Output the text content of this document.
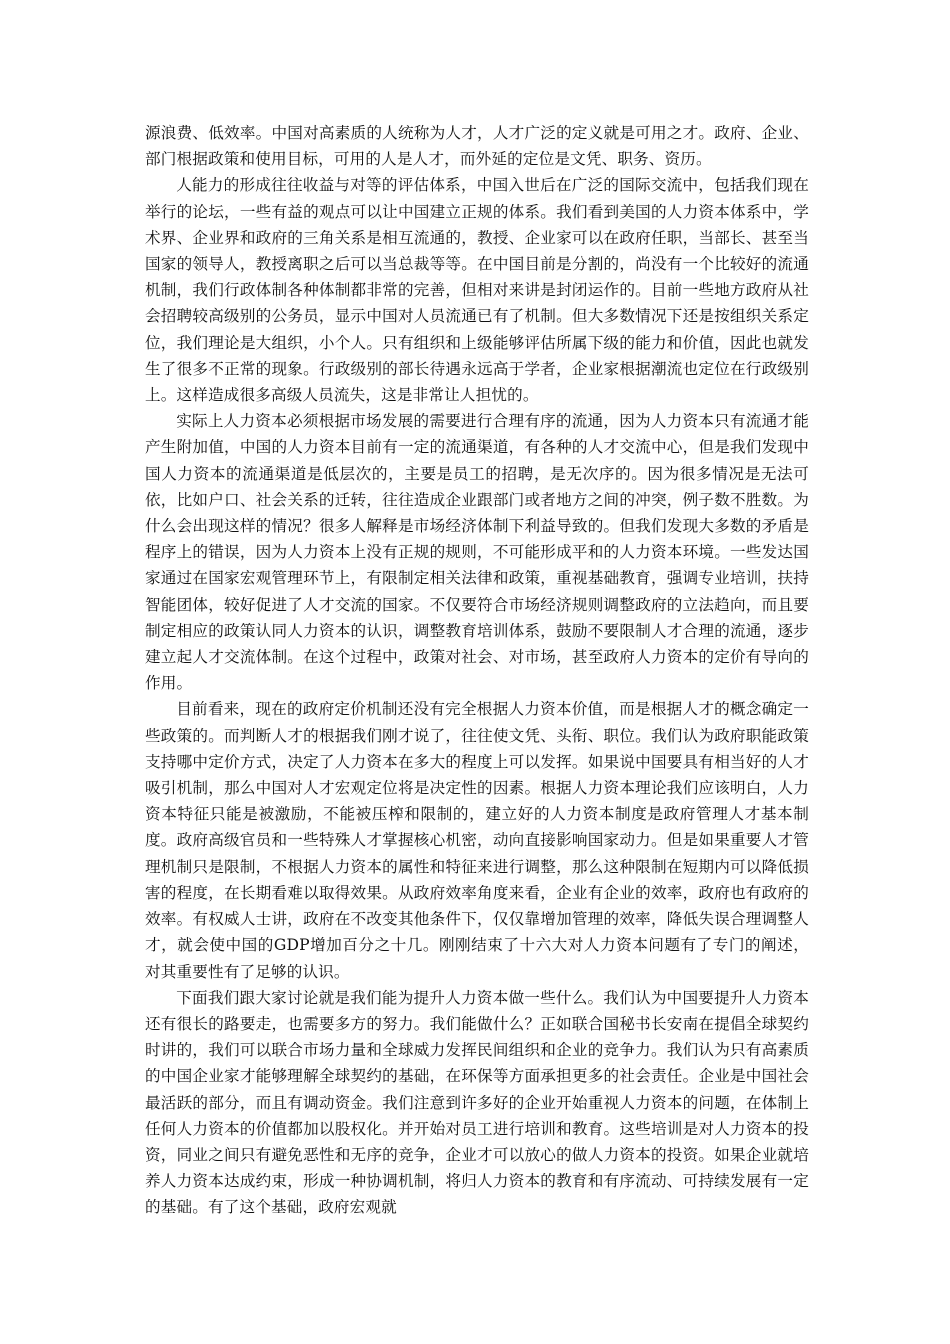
源浪费、低效率。中国对高素质的人统称为人才，人才广泛的定义就是可用之才。政府、企业、部门根据政策和使用目标，可用的人是人才，而外延的定位是文凭、职务、资历。

人能力的形成往往收益与对等的评估体系，中国入世后在广泛的国际交流中，包括我们现在举行的论坛，一些有益的观点可以让中国建立正规的体系。我们看到美国的人力资本体系中，学术界、企业界和政府的三角关系是相互流通的，教授、企业家可以在政府任职，当部长、甚至当国家的领导人，教授离职之后可以当总裁等等。在中国目前是分割的，尚没有一个比较好的流通机制，我们行政体制各种体制都非常的完善，但相对来讲是封闭运作的。目前一些地方政府从社会招聘较高级别的公务员，显示中国对人员流通已有了机制。但大多数情况下还是按组织关系定位，我们理论是大组织，小个人。只有组织和上级能够评估所属下级的能力和价值，因此也就发生了很多不正常的现象。行政级别的部长待遇永远高于学者，企业家根据潮流也定位在行政级别上。这样造成很多高级人员流失，这是非常让人担忧的。

实际上人力资本必须根据市场发展的需要进行合理有序的流通，因为人力资本只有流通才能产生附加值，中国的人力资本目前有一定的流通渠道，有各种的人才交流中心，但是我们发现中国人力资本的流通渠道是低层次的，主要是员工的招聘，是无次序的。因为很多情况是无法可依，比如户口、社会关系的迁转，往往造成企业跟部门或者地方之间的冲突，例子数不胜数。为什么会出现这样的情况？很多人解释是市场经济体制下利益导致的。但我们发现大多数的矛盾是程序上的错误，因为人力资本上没有正规的规则，不可能形成平和的人力资本环境。一些发达国家通过在国家宏观管理环节上，有限制定相关法律和政策，重视基础教育，强调专业培训，扶持智能团体，较好促进了人才交流的国家。不仅要符合市场经济规则调整政府的立法趋向，而且要制定相应的政策认同人力资本的认识，调整教育培训体系，鼓励不要限制人才合理的流通，逐步建立起人才交流体制。在这个过程中，政策对社会、对市场，甚至政府人力资本的定价有导向的作用。

目前看来，现在的政府定价机制还没有完全根据人力资本价值，而是根据人才的概念确定一些政策的。而判断人才的根据我们刚才说了，往往使文凭、头衔、职位。我们认为政府职能政策支持哪中定价方式，决定了人力资本在多大的程度上可以发挥。如果说中国要具有相当好的人才吸引机制，那么中国对人才宏观定位将是决定性的因素。根据人力资本理论我们应该明白，人力资本特征只能是被激励，不能被压榨和限制的，建立好的人力资本制度是政府管理人才基本制度。政府高级官员和一些特殊人才掌握核心机密，动向直接影响国家动力。但是如果重要人才管理机制只是限制，不根据人力资本的属性和特征来进行调整，那么这种限制在短期内可以降低损害的程度，在长期看难以取得效果。从政府效率角度来看，企业有企业的效率，政府也有政府的效率。有权威人士讲，政府在不改变其他条件下，仅仅靠增加管理的效率，降低失误合理调整人才，就会使中国的GDP增加百分之十几。刚刚结束了十六大对人力资本问题有了专门的阐述，对其重要性有了足够的认识。

下面我们跟大家讨论就是我们能为提升人力资本做一些什么。我们认为中国要提升人力资本还有很长的路要走，也需要多方的努力。我们能做什么？正如联合国秘书长安南在提倡全球契约时讲的，我们可以联合市场力量和全球威力发挥民间组织和企业的竞争力。我们认为只有高素质的中国企业家才能够理解全球契约的基础，在环保等方面承担更多的社会责任。企业是中国社会最活跃的部分，而且有调动资金。我们注意到许多好的企业开始重视人力资本的问题，在体制上任何人力资本的价值都加以股权化。并开始对员工进行培训和教育。这些培训是对人力资本的投资，同业之间只有避免恶性和无序的竞争，企业才可以放心的做人力资本的投资。如果企业就培养人力资本达成约束，形成一种协调机制，将归人力资本的教育和有序流动、可持续发展有一定的基础。有了这个基础，政府宏观就
